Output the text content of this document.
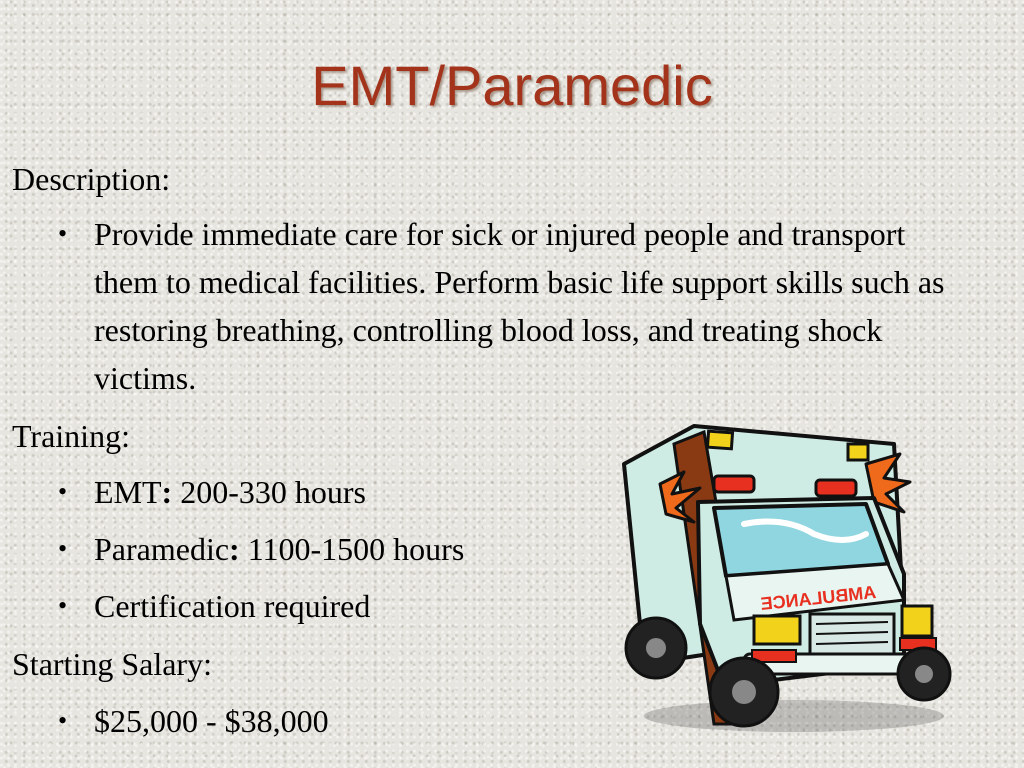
EMT/Paramedic
Description:
• Provide immediate care for sick or injured people and transport them to medical facilities. Perform basic life support skills such as restoring breathing, controlling blood loss, and treating shock victims.
Training:
• EMT: 200-330 hours
• Paramedic: 1100-1500 hours
• Certification required
Starting Salary:
• $25,000 - $38,000
AMBULANCE
